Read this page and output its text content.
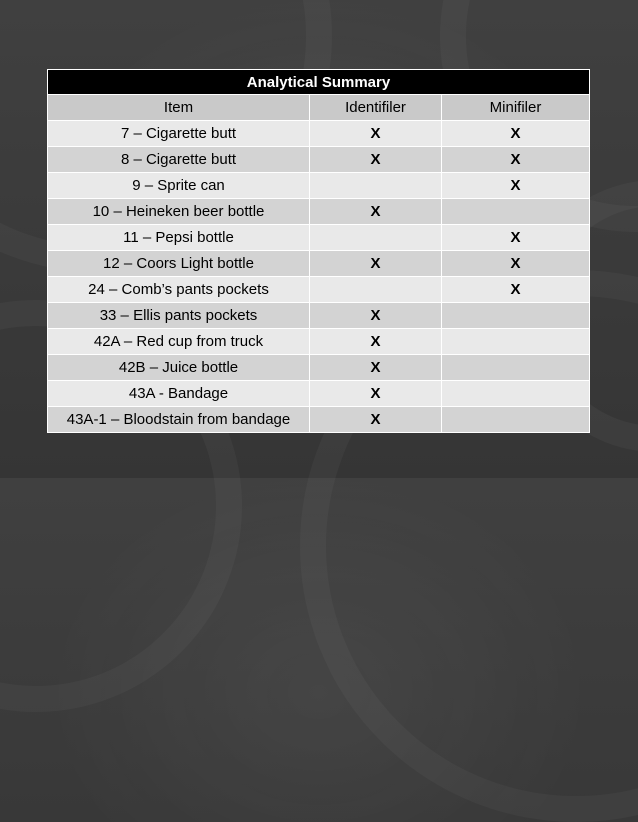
Analytical Summary		
Item	Identifiler	Minifiler
7 – Cigarette butt	X	X
8 – Cigarette butt	X	X
9 – Sprite can		X
10 – Heineken beer bottle	X	
11 – Pepsi bottle		X
12 – Coors Light bottle	X	X
24 – Comb’s pants pockets		X
33 – Ellis pants pockets	X	
42A – Red cup from truck	X	
42B – Juice bottle	X	
43A - Bandage	X	
43A-1 – Bloodstain from bandage	X	
